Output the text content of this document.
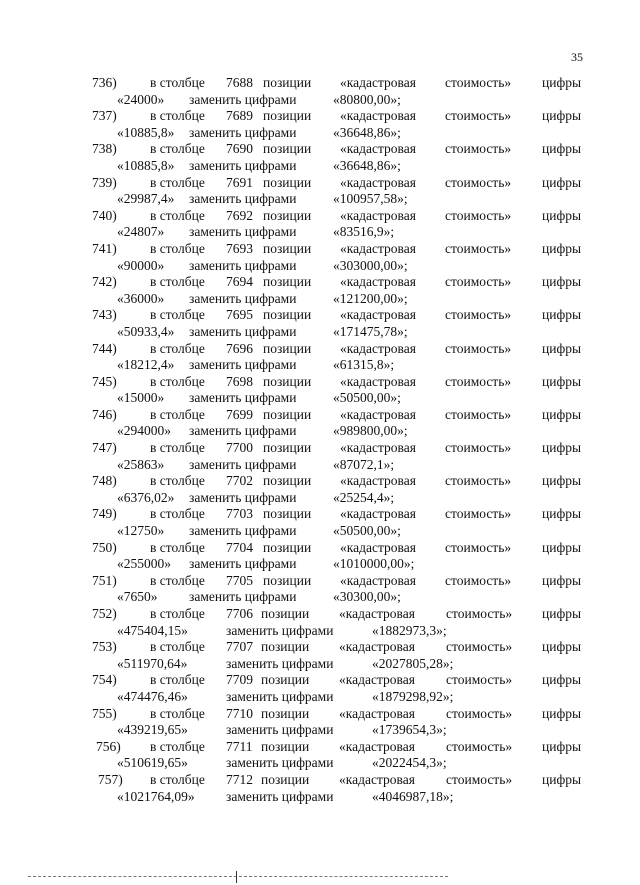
35
736) в столбце 7688 позиции «кадастровая стоимость» цифры
«24000» заменить цифрами	«80800,00»;
737) в столбце 7689 позиции «кадастровая стоимость» цифры
«10885,8» заменить цифрами	«36648,86»;
738) в столбце 7690 позиции «кадастровая стоимость» цифры
«10885,8» заменить цифрами	«36648,86»;
739) в столбце 7691 позиции «кадастровая стоимость» цифры
«29987,4» заменить цифрами	«100957,58»;
740) в столбце 7692 позиции «кадастровая стоимость» цифры
«24807» заменить цифрами	«83516,9»;
741) в столбце 7693 позиции «кадастровая стоимость» цифры
«90000» заменить цифрами	«303000,00»;
742) в столбце 7694 позиции «кадастровая стоимость» цифры
«36000» заменить цифрами	«121200,00»;
743) в столбце 7695 позиции «кадастровая стоимость» цифры
«50933,4» заменить цифрами	«171475,78»;
744) в столбце 7696 позиции «кадастровая стоимость» цифры
«18212,4» заменить цифрами	«61315,8»;
745) в столбце 7698 позиции «кадастровая стоимость» цифры
«15000» заменить цифрами	«50500,00»;
746) в столбце 7699 позиции «кадастровая стоимость» цифры
«294000» заменить цифрами	«989800,00»;
747) в столбце 7700 позиции «кадастровая стоимость» цифры
«25863» заменить цифрами	«87072,1»;
748) в столбце 7702 позиции «кадастровая стоимость» цифры
«6376,02» заменить цифрами	«25254,4»;
749) в столбце 7703 позиции «кадастровая стоимость» цифры
«12750» заменить цифрами	«50500,00»;
750) в столбце 7704 позиции «кадастровая стоимость» цифры
«255000» заменить цифрами	«1010000,00»;
751) в столбце 7705 позиции «кадастровая стоимость» цифры
«7650» заменить цифрами	«30300,00»;
752) в столбце 7706 позиции «кадастровая стоимость» цифры
«475404,15»	заменить цифрами	«1882973,3»;
753) в столбце 7707 позиции «кадастровая стоимость» цифры
«511970,64»	заменить цифрами	«2027805,28»;
754) в столбце 7709 позиции «кадастровая стоимость» цифры
«474476,46»	заменить цифрами	«1879298,92»;
755) в столбце 7710 позиции «кадастровая стоимость» цифры
«439219,65»	заменить цифрами	«1739654,3»;
756) в столбце 7711 позиции «кадастровая стоимость» цифры
«510619,65»	заменить цифрами	«2022454,3»;
757) в столбце 7712 позиции «кадастровая стоимость» цифры
«1021764,09» заменить цифрами	«4046987,18»;
